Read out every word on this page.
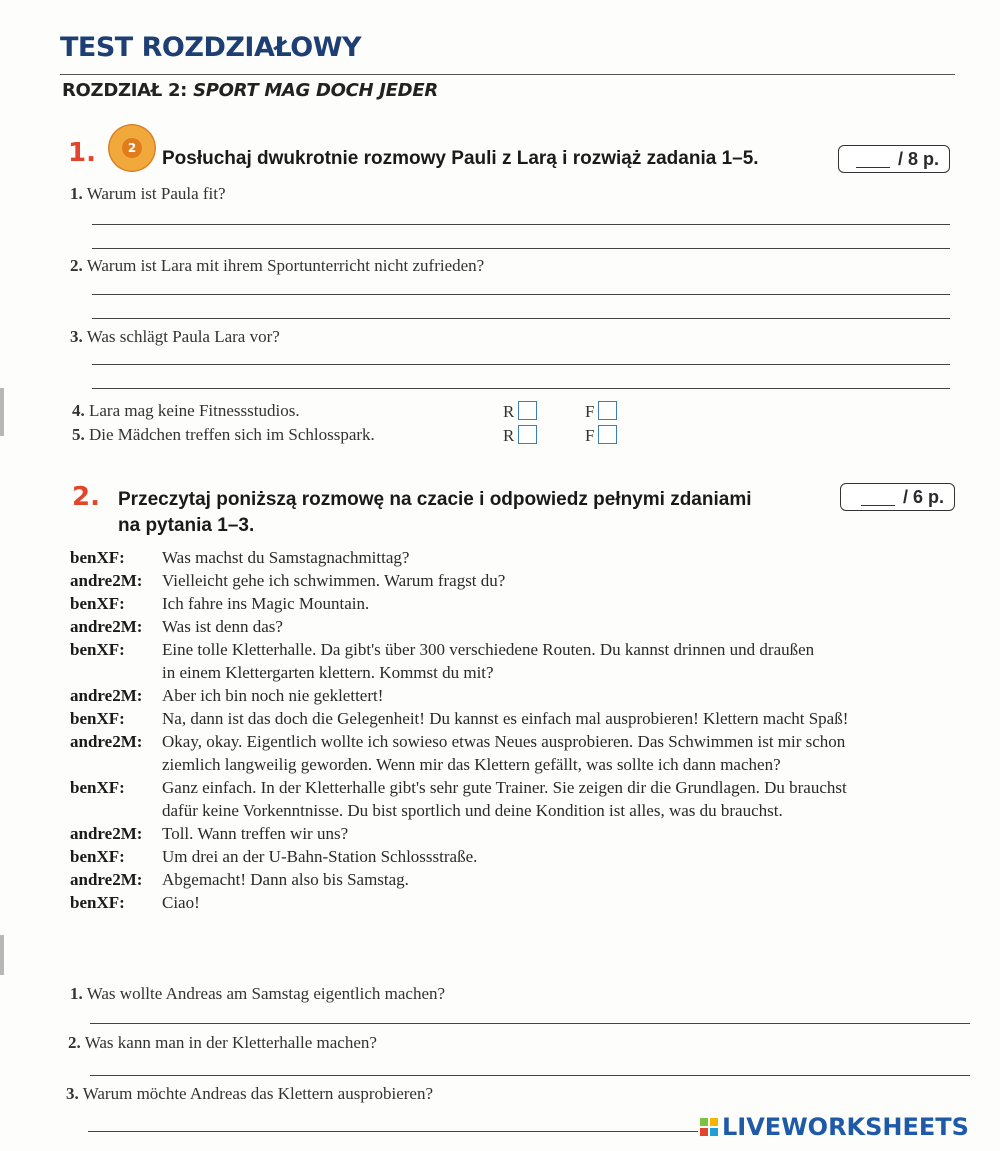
TEST ROZDZIAŁOWY
ROZDZIAŁ 2: SPORT MAG DOCH JEDER
1.	2	Posłuchaj dwukrotnie rozmowy Pauli z Larą i rozwiąż zadania 1–5.	/ 8 p.
1. Warum ist Paula fit?
2. Warum ist Lara mit ihrem Sportunterricht nicht zufrieden?
3. Was schlägt Paula Lara vor?
4. Lara mag keine Fitnessstudios.	R	F
5. Die Mädchen treffen sich im Schlosspark.	R	F
2. Przeczytaj poniższą rozmowę na czacie i odpowiedz pełnymi zdaniami
na pytania 1–3.
/ 6 p.
benXF:	Was machst du Samstagnachmittag?
andre2M:	Vielleicht gehe ich schwimmen. Warum fragst du?
benXF:	Ich fahre ins Magic Mountain.
andre2M:	Was ist denn das?
benXF:	Eine tolle Kletterhalle. Da gibt's über 300 verschiedene Routen. Du kannst drinnen und draußen
in einem Klettergarten klettern. Kommst du mit?
andre2M:	Aber ich bin noch nie geklettert!
benXF:	Na, dann ist das doch die Gelegenheit! Du kannst es einfach mal ausprobieren! Klettern macht Spaß!
andre2M:	Okay, okay. Eigentlich wollte ich sowieso etwas Neues ausprobieren. Das Schwimmen ist mir schon
ziemlich langweilig geworden. Wenn mir das Klettern gefällt, was sollte ich dann machen?
benXF:	Ganz einfach. In der Kletterhalle gibt's sehr gute Trainer. Sie zeigen dir die Grundlagen. Du brauchst
dafür keine Vorkenntnisse. Du bist sportlich und deine Kondition ist alles, was du brauchst.
andre2M:	Toll. Wann treffen wir uns?
benXF:	Um drei an der U-Bahn-Station Schlossstraße.
andre2M:	Abgemacht! Dann also bis Samstag.
benXF:	Ciao!
1. Was wollte Andreas am Samstag eigentlich machen?
2. Was kann man in der Kletterhalle machen?
3. Warum möchte Andreas das Klettern ausprobieren?
LIVEWORKSHEETS
